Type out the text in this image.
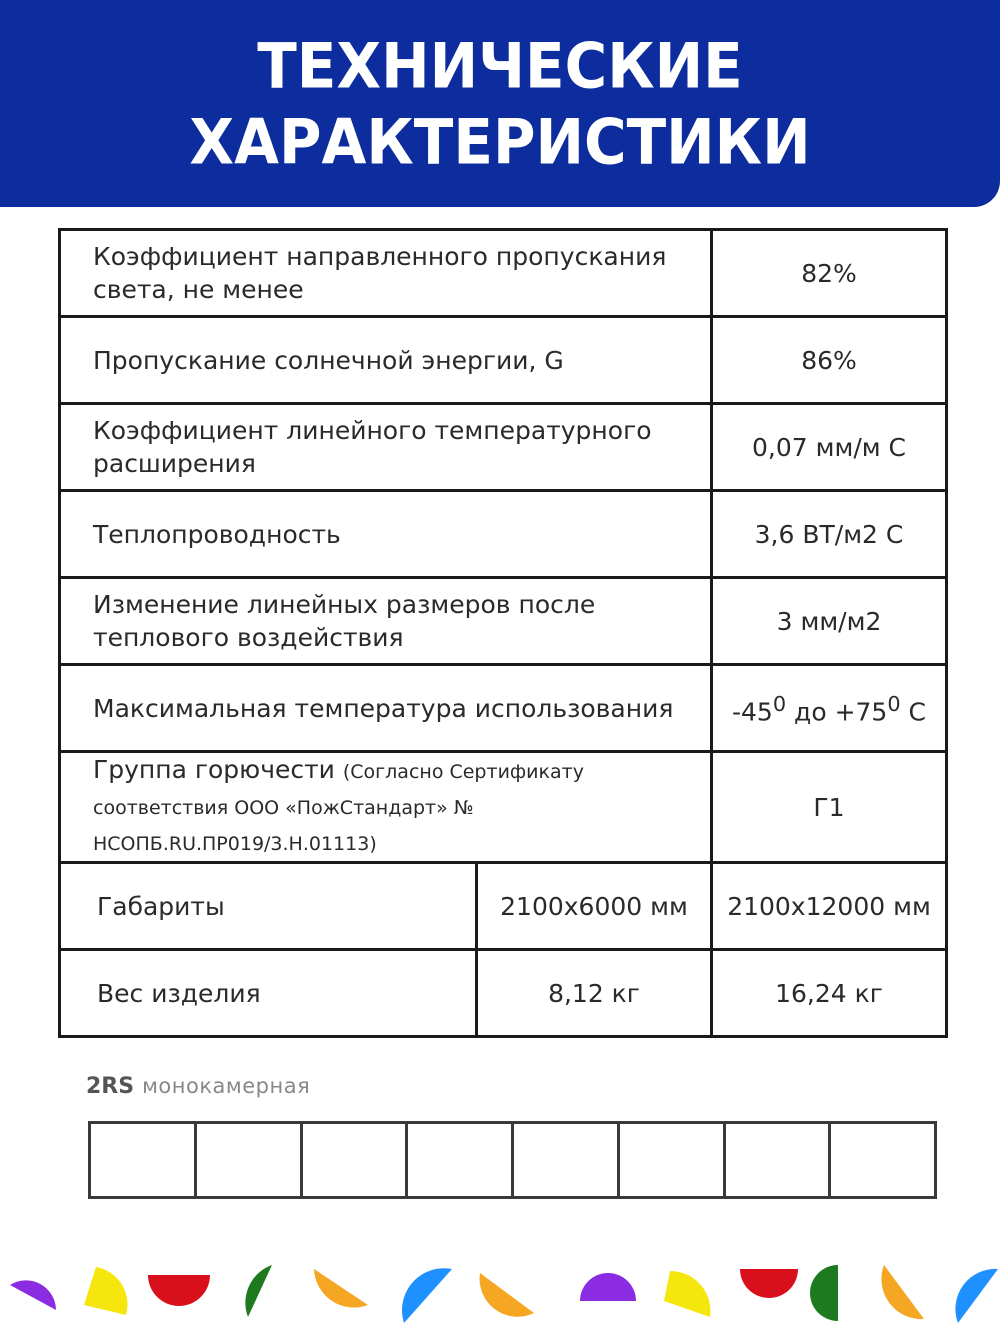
ТЕХНИЧЕСКИЕ
ХАРАКТЕРИСТИКИ
Коэффициент направленного пропускания света, не менее		82%
Пропускание солнечной энергии, G		86%
Коэффициент линейного температурного расширения		0,07 мм/м С
Теплопроводность		3,6 ВТ/м2 С
Изменение линейных размеров после теплового воздействия		3 мм/м2
Максимальная температура использования		$-45^0$ до $+75^0$ С
Группа горючести (Согласно Сертификату соответствия ООО «ПожСтандарт» № НСОПБ.RU.ПР019/3.Н.01113)		Г1
Габариты	2100х6000 мм	2100х12000 мм
Вес изделия	8,12 кг	16,24 кг
2RS монокамерная
